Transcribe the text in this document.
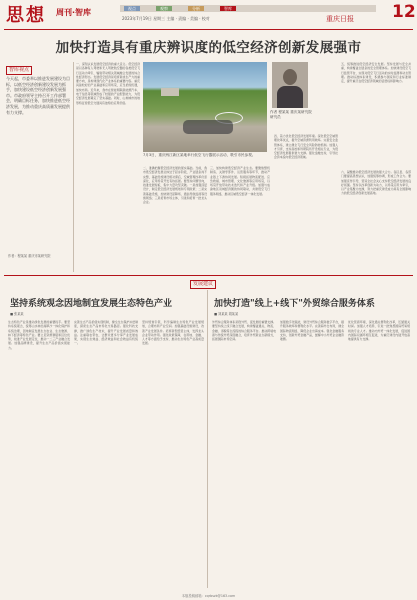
思想 周刊·智库	视点	观察	分析	智库
2023年7月19日 星期三 主编 · 责编 · 美编 · 校对	重庆日报 12
加快打造具有重庆辨识度的低空经济创新发展强市
智库视点
今天起，市委举以推进发展建设为目标，以低空经济创新建设发展为抓手，加快建设低空经济创新发展强市。市政府领导主持召开工作部署会，明确目标任务，加快推进低空经济发展，为推动重庆高质量发展提供有力支撑。
作者：程某某 重庆市某研究院
一、深刻认识发展低空经济的重大意义。低空经济是以各种有人驾驶和无人驾驶航空器的各类低空飞行活动为牵引，辐射带动相关领域融合发展的综合性经济形态。发展低空经济是培育新质生产力的重要方向，是构建现代化产业体系的重要内容。重庆具备较好的产业基础和应用场景，应当抢抓机遇，加快布局。近年来，我市在智能网联新能源汽车、电子信息等领域形成了较强的产业配套能力，为低空经济发展奠定了坚实基础。同时，山地城市的地形特征使低空交通具有独特的应用价值。
7月3日，重庆两江新区某地举行低空飞行器展示活动，吸引市民参观。
作者 程某某 重庆某研究院研究员
二、准确把握低空经济发展的现实基础。当前，我市低空经济发展总体处于起步阶段，产业链条尚不完整，基础设施建设相对滞后，空域管理改革仍需深化，应用场景开发有待拓展。要坚持问题导向，找准发展短板，集中力量攻坚突破。一是加强顶层设计，制定低空经济发展规划和专项政策；二是完善基础设施，加快建设起降场、通信导航监视等设施网络；三是培育市场主体，引进和培育一批龙头企业。
三、加快构建低空经济产业生态。要聚焦整机制造、关键零部件、运营服务等环节，推动产业链上下游协同发展。积极拓展物流配送、应急救援、城市管理、文化旅游等应用场景，以场景开放带动技术迭代和产业升级。加强与成渝地区双城经济圈的协同联动，共建低空飞行服务网络，推动区域低空经济一体化发展。
四、着力优化低空经济发展环境。深化低空空域管理改革试点，提升空域资源利用效率。完善安全监管体系，建立健全飞行安全风险防控机制。加强人才引育，支持高校和科研院所开设相关专业，为低空经济发展提供智力支撑。强化金融支持，引导社会资本投向低空经济领域。
五、统筹推进低空经济安全发展。坚持发展与安全并重，构建覆盖全链条的安全管理体系。加快建设低空飞行监管平台，实现对低空飞行活动的实时监测和动态管理。推动标准体系建设，积极参与国家和行业标准制定，提升重庆在低空经济领域的话语权和影响力。
六、凝聚推动低空经济发展的强大合力。各区县、各部门要提高思想认识，加强统筹协调，形成工作合力。要加强宣传引导，营造全社会关心支持低空经济发展的良好氛围。坚持以改革创新为动力，以场景应用为牵引，以产业集聚为支撑，努力把重庆建设成为具有全国影响力的低空经济创新发展高地。
发展建议
坚持系统观念因地制宜发展生态特色产业
■ 张某某
生态特色产业是推动绿色发展的重要抓手。要坚持系统观念，统筹山水林田湖草沙一体化保护和系统治理，因地制宜发展生态农业、生态旅游、林下经济等特色产业。要立足资源禀赋和区位优势，找准产业发展定位，推动一二三产业融合发展。加强品牌建设，提升生态产品价值实现能力。
完善生态产品价值实现机制，健全生态保护补偿制度，探索生态产品市场化交易路径。强化科技支撑，推广绿色生产技术，提升产业发展质量和效益。注重联农带农，让群众更多分享产业发展成果，实现生态效益、经济效益和社会效益有机统一。
坚持规划引领，科学编制生态特色产业发展规划，合理布局产业空间。加强基础设施建设，改善产业发展条件。培育新型经营主体，发挥龙头企业带动作用。强化政策保障，在用地、金融、人才等方面给予支持，推动生态特色产业高质量发展。
加快打造"线上+线下"外贸综合服务体系
■ 刘某某 胡某某
外贸综合服务体系是稳外贸、促发展的重要支撑。要坚持线上线下融合发展，构建覆盖通关、物流、金融、退税等全流程的综合服务平台。推动跨境电商与传统外贸深度融合，培育外贸新业态新模式，拓展国际市场空间。
加强数字化赋能，建设外贸综合服务数字平台，提升服务效率和便利化水平。完善海外仓布局，健全国际物流网络，降低企业出海成本。强化金融服务支持，创新外贸金融产品，缓解中小外贸企业融资难题。
优化营商环境，深化通关便利化改革，压缩通关时间。加强人才培养，引进一批熟悉国际贸易规则的专业人才。推动内外贸一体化发展，促进国内国际双循环相互促进，为重庆建设内陆开放高地提供有力支撑。
本版投稿邮箱：cqrbszk@163.com
